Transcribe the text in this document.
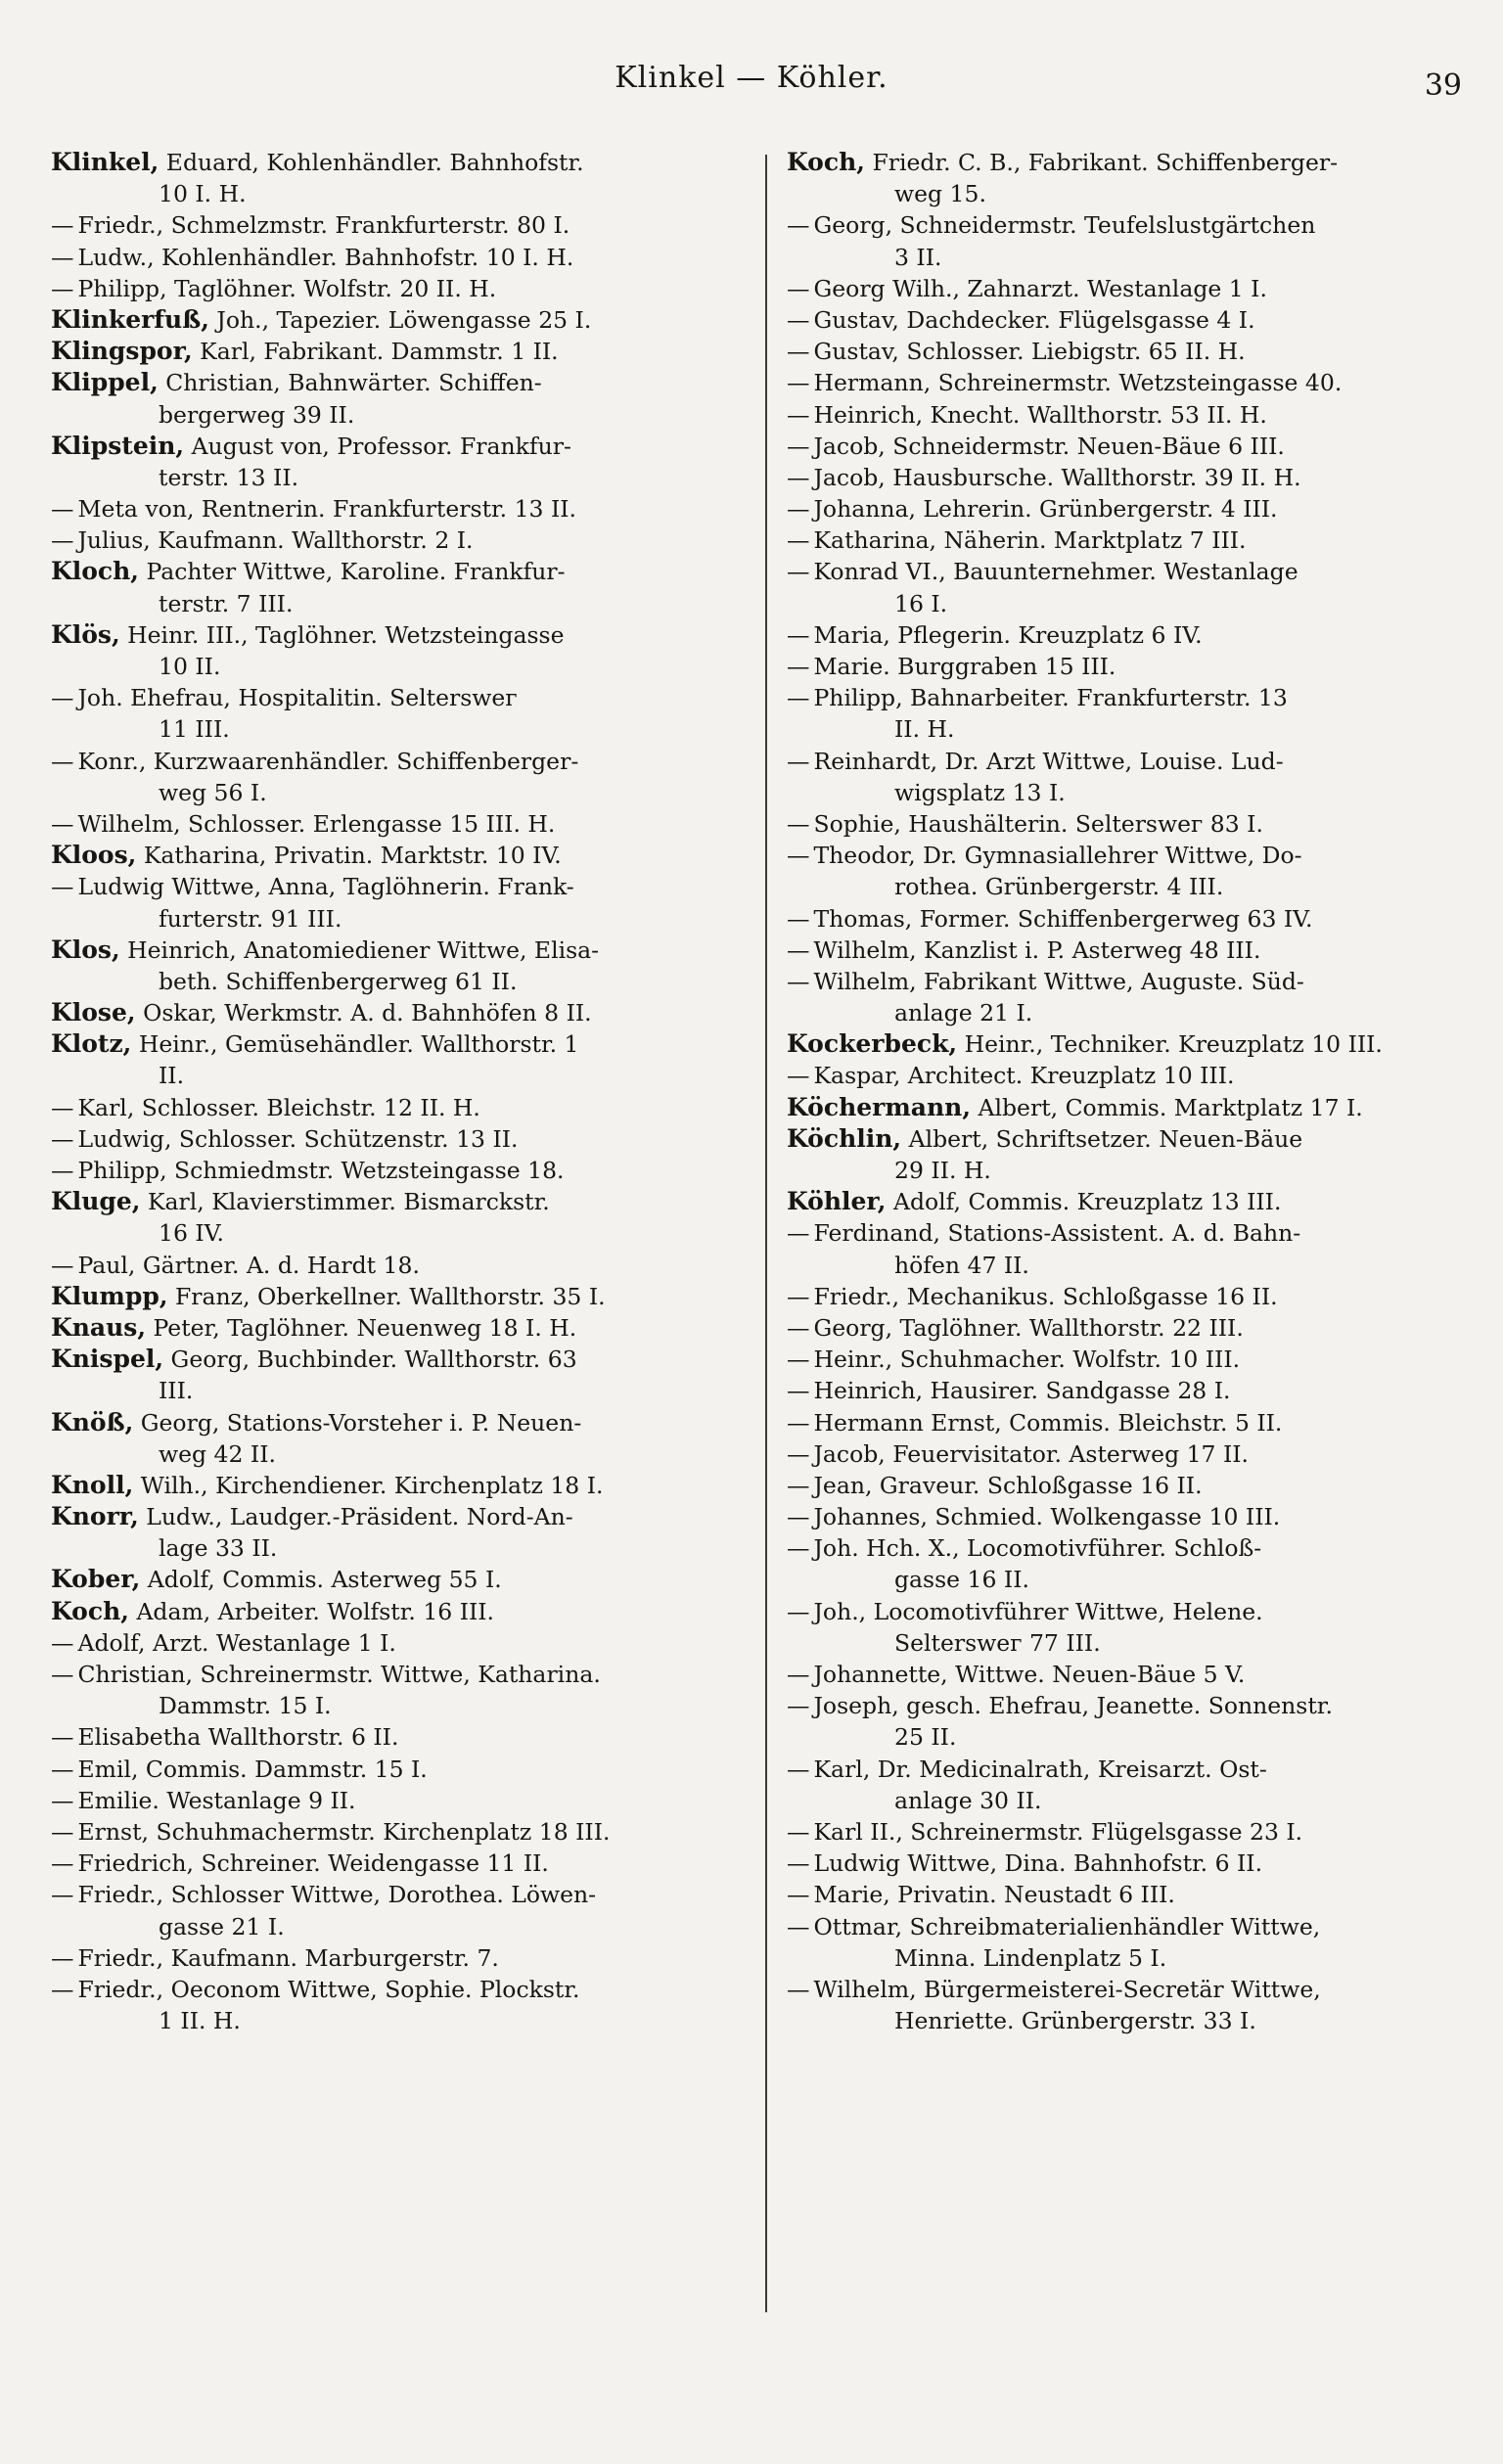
Klinkel — Köhler.	39
Klinkel, Eduard, Kohlenhändler. Bahnhofstr.
10 I. H.
— Friedr., Schmelzmstr. Frankfurterstr. 80 I.
— Ludw., Kohlenhändler. Bahnhofstr. 10 I. H.
— Philipp, Taglöhner. Wolfstr. 20 II. H.
Klinkerfuß, Joh., Tapezier. Löwengasse 25 I.
Klingspor, Karl, Fabrikant. Dammstr. 1 II.
Klippel, Christian, Bahnwärter. Schiffen-
bergerweg 39 II.
Klipstein, August von, Professor. Frankfur-
terstr. 13 II.
— Meta von, Rentnerin. Frankfurterstr. 13 II.
— Julius, Kaufmann. Wallthorstr. 2 I.
Kloch, Pachter Wittwe, Karoline. Frankfur-
terstr. 7 III.
Klös, Heinr. III., Taglöhner. Wetzsteingasse
10 II.
— Joh. Ehefrau, Hospitalitin. Selterswег
11 III.
— Konr., Kurzwaarenhändler. Schiffenberger-
weg 56 I.
— Wilhelm, Schlosser. Erlengasse 15 III. H.
Kloos, Katharina, Privatin. Marktstr. 10 IV.
— Ludwig Wittwe, Anna, Taglöhnerin. Frank-
furterstr. 91 III.
Klos, Heinrich, Anatomiediener Wittwe, Elisa-
beth. Schiffenbergerweg 61 II.
Klose, Oskar, Werkmstr. A. d. Bahnhöfen 8 II.
Klotz, Heinr., Gemüsehändler. Wallthorstr. 1
II.
— Karl, Schlosser. Bleichstr. 12 II. H.
— Ludwig, Schlosser. Schützenstr. 13 II.
— Philipp, Schmiedmstr. Wetzsteingasse 18.
Kluge, Karl, Klavierstimmer. Bismarckstr.
16 IV.
— Paul, Gärtner. A. d. Hardt 18.
Klumpp, Franz, Oberkellner. Wallthorstr. 35 I.
Knaus, Peter, Taglöhner. Neuenweg 18 I. H.
Knispel, Georg, Buchbinder. Wallthorstr. 63
III.
Knöß, Georg, Stations-Vorsteher i. P. Neuen-
weg 42 II.
Knoll, Wilh., Kirchendiener. Kirchenplatz 18 I.
Knorr, Ludw., Laudger.-Präsident. Nord-An-
lage 33 II.
Kober, Adolf, Commis. Asterweg 55 I.
Koch, Adam, Arbeiter. Wolfstr. 16 III.
— Adolf, Arzt. Westanlage 1 I.
— Christian, Schreinermstr. Wittwe, Katharina.
Dammstr. 15 I.
— Elisabetha Wallthorstr. 6 II.
— Emil, Commis. Dammstr. 15 I.
— Emilie. Westanlage 9 II.
— Ernst, Schuhmachermstr. Kirchenplatz 18 III.
— Friedrich, Schreiner. Weidengasse 11 II.
— Friedr., Schlosser Wittwe, Dorothea. Löwen-
gasse 21 I.
— Friedr., Kaufmann. Marburgerstr. 7.
— Friedr., Oeconom Wittwe, Sophie. Plockstr.
1 II. H.
Koch, Friedr. C. B., Fabrikant. Schiffenberger-
weg 15.
— Georg, Schneidermstr. Teufelslustgärtchen
3 II.
— Georg Wilh., Zahnarzt. Westanlage 1 I.
— Gustav, Dachdecker. Flügelsgasse 4 I.
— Gustav, Schlosser. Liebigstr. 65 II. H.
— Hermann, Schreinermstr. Wetzsteingasse 40.
— Heinrich, Knecht. Wallthorstr. 53 II. H.
— Jacob, Schneidermstr. Neuen-Bäue 6 III.
— Jacob, Hausbursche. Wallthorstr. 39 II. H.
— Johanna, Lehrerin. Grünbergerstr. 4 III.
— Katharina, Näherin. Marktplatz 7 III.
— Konrad VI., Bauunternehmer. Westanlage
16 I.
— Maria, Pflegerin. Kreuzplatz 6 IV.
— Marie. Burggraben 15 III.
— Philipp, Bahnarbeiter. Frankfurterstr. 13
II. H.
— Reinhardt, Dr. Arzt Wittwe, Louise. Lud-
wigsplatz 13 I.
— Sophie, Haushälterin. Selterswег 83 I.
— Theodor, Dr. Gymnasiallehrer Wittwe, Do-
rothea. Grünbergerstr. 4 III.
— Thomas, Former. Schiffenbergerweg 63 IV.
— Wilhelm, Kanzlist i. P. Asterweg 48 III.
— Wilhelm, Fabrikant Wittwe, Auguste. Süd-
anlage 21 I.
Kockerbeck, Heinr., Techniker. Kreuzplatz 10 III.
— Kaspar, Architect. Kreuzplatz 10 III.
Köchermann, Albert, Commis. Marktplatz 17 I.
Köchlin, Albert, Schriftsetzer. Neuen-Bäue
29 II. H.
Köhler, Adolf, Commis. Kreuzplatz 13 III.
— Ferdinand, Stations-Assistent. A. d. Bahn-
höfen 47 II.
— Friedr., Mechanikus. Schloßgasse 16 II.
— Georg, Taglöhner. Wallthorstr. 22 III.
— Heinr., Schuhmacher. Wolfstr. 10 III.
— Heinrich, Hausirer. Sandgasse 28 I.
— Hermann Ernst, Commis. Bleichstr. 5 II.
— Jacob, Feuervisitator. Asterweg 17 II.
— Jean, Graveur. Schloßgasse 16 II.
— Johannes, Schmied. Wolkengasse 10 III.
— Joh. Hch. X., Locomotivführer. Schloß-
gasse 16 II.
— Joh., Locomotivführer Wittwe, Helene.
Selterswег 77 III.
— Johannette, Wittwe. Neuen-Bäue 5 V.
— Joseph, gesch. Ehefrau, Jeanette. Sonnenstr.
25 II.
— Karl, Dr. Medicinalrath, Kreisarzt. Ost-
anlage 30 II.
— Karl II., Schreinermstr. Flügelsgasse 23 I.
— Ludwig Wittwe, Dina. Bahnhofstr. 6 II.
— Marie, Privatin. Neustadt 6 III.
— Ottmar, Schreibmaterialienhändler Wittwe,
Minna. Lindenplatz 5 I.
— Wilhelm, Bürgermeisterei-Secretär Wittwe,
Henriette. Grünbergerstr. 33 I.
